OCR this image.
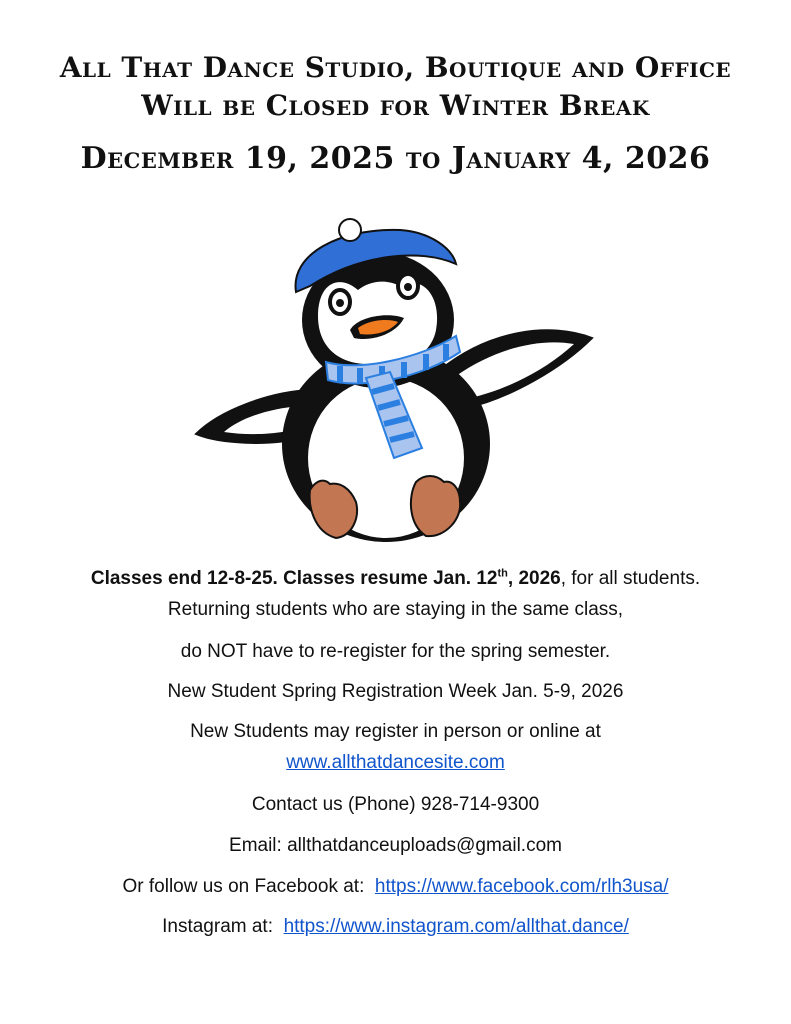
All That Dance Studio, Boutique and Office
Will be Closed for Winter Break
December 19, 2025 to January 4, 2026
Classes end 12-8-25. Classes resume Jan. 12th, 2026, for all students.
Returning students who are staying in the same class,
do NOT have to re-register for the spring semester.
New Student Spring Registration Week Jan. 5-9, 2026
New Students may register in person or online at
www.allthatdancesite.com
Contact us (Phone) 928-714-9300
Email: allthatdanceuploads@gmail.com
Or follow us on Facebook at: https://www.facebook.com/rlh3usa/
Instagram at: https://www.instagram.com/allthat.dance/
